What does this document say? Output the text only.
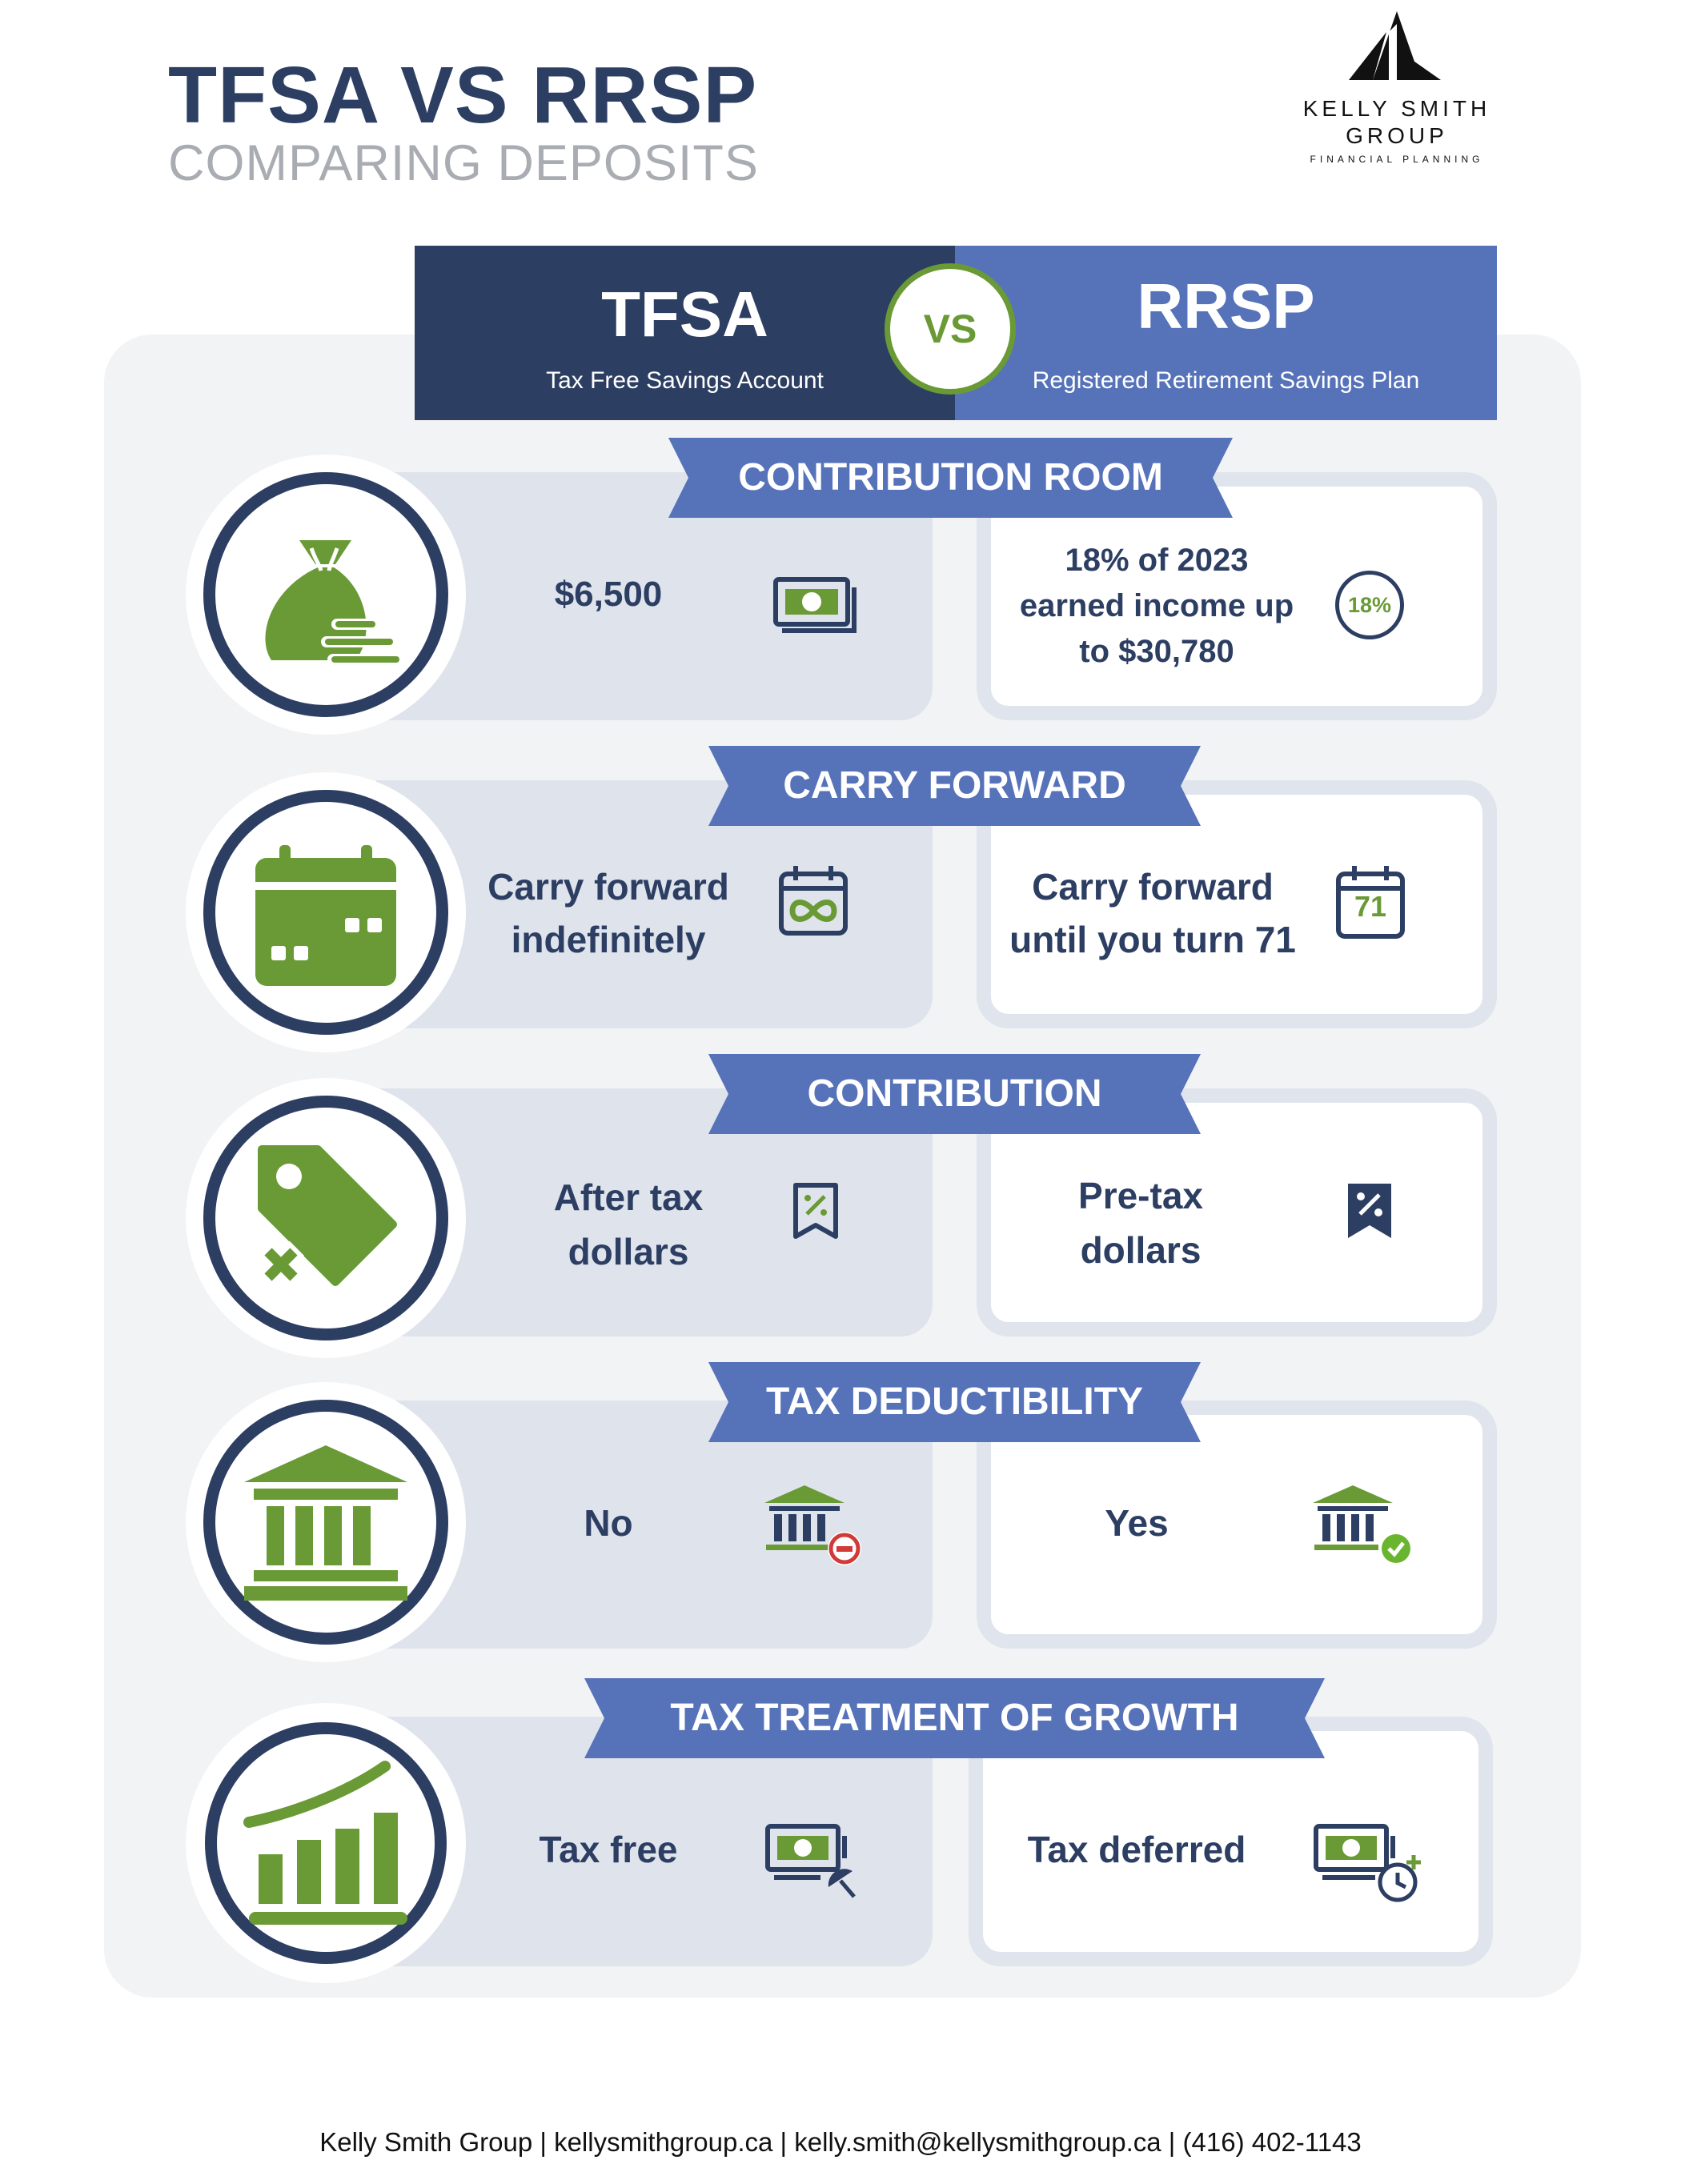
TFSA VS RRSP
COMPARING DEPOSITS
KELLY SMITH
GROUP
FINANCIAL PLANNING
TFSA
Tax Free Savings Account
RRSP
Registered Retirement Savings Plan
VS
CONTRIBUTION ROOM
$6,500
18% of 2023
earned income up
to $30,780
18%
CARRY FORWARD
Carry forward
indefinitely
Carry forward
until you turn 71
71
CONTRIBUTION
After tax
dollars
Pre-tax
dollars
TAX DEDUCTIBILITY
No	Yes
TAX TREATMENT OF GROWTH
Tax free	Tax deferred
Kelly Smith Group | kellysmithgroup.ca | kelly.smith@kellysmithgroup.ca | (416) 402-1143
